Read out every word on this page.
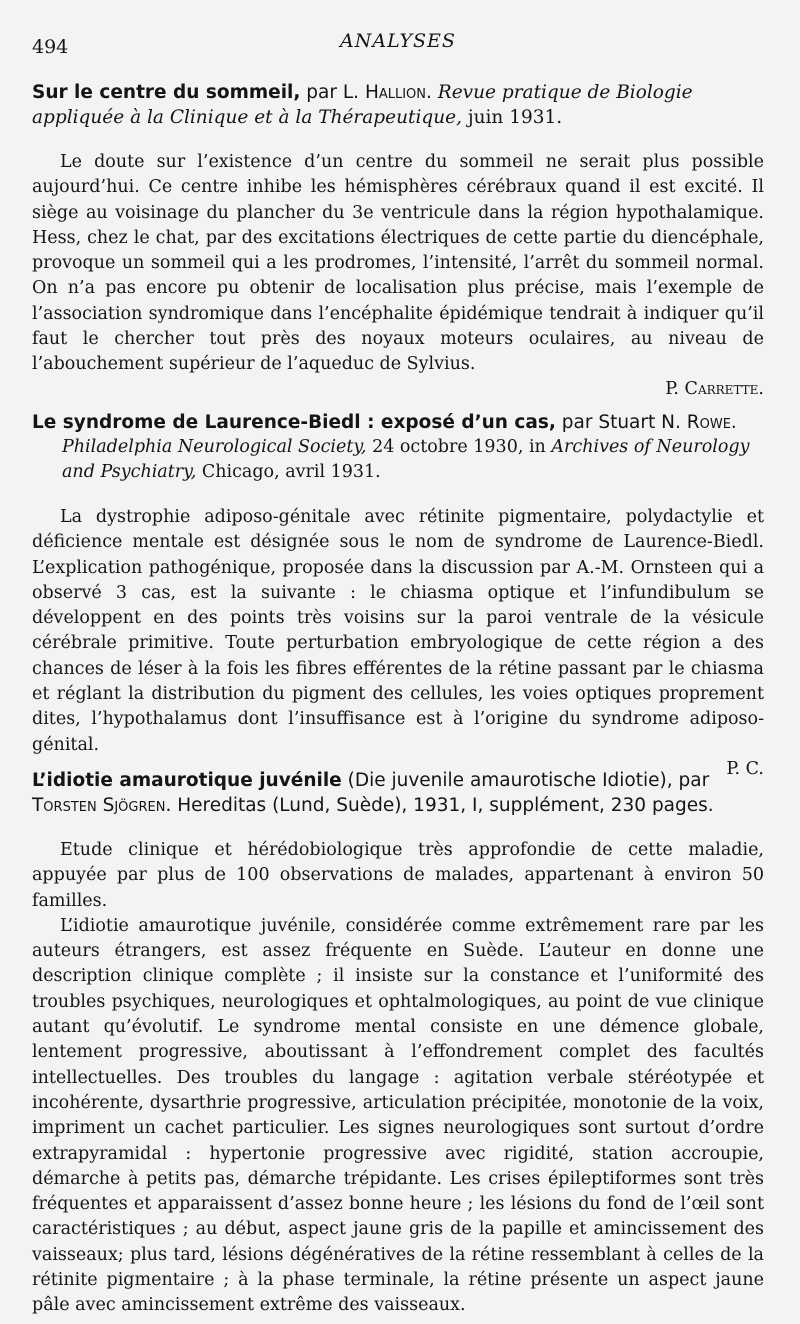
494	ANALYSES

Sur le centre du sommeil, par L. Hallion. Revue pratique de Biologie appliquée à la Clinique et à la Thérapeutique, juin 1931.

Le doute sur l’existence d’un centre du sommeil ne serait plus possible aujourd’hui. Ce centre inhibe les hémisphères cérébraux quand il est excité. Il siège au voisinage du plancher du 3e ventricule dans la région hypothalamique. Hess, chez le chat, par des excitations électriques de cette partie du diencéphale, provoque un sommeil qui a les prodromes, l’intensité, l’arrêt du sommeil normal. On n’a pas encore pu obtenir de localisation plus précise, mais l’exemple de l’association syndromique dans l’encéphalite épidémique tendrait à indiquer qu’il faut le chercher tout près des noyaux moteurs oculaires, au niveau de l’abouchement supérieur de l’aqueduc de Sylvius.

P. Carrette.

Le syndrome de Laurence-Biedl : exposé d’un cas, par Stuart N. Rowe.

Philadelphia Neurological Society, 24 octobre 1930, in Archives of Neurology and Psychiatry, Chicago, avril 1931.

La dystrophie adiposo-génitale avec rétinite pigmentaire, polydactylie et déficience mentale est désignée sous le nom de syndrome de Laurence-Biedl. L’explication pathogénique, proposée dans la discussion par A.-M. Ornsteen qui a observé 3 cas, est la suivante : le chiasma optique et l’infundibulum se développent en des points très voisins sur la paroi ventrale de la vésicule cérébrale primitive. Toute perturbation embryologique de cette région a des chances de léser à la fois les fibres efférentes de la rétine passant par le chiasma et réglant la distribution du pigment des cellules, les voies optiques proprement dites, l’hypothalamus dont l’insuffisance est à l’origine du syndrome adiposo-génital.

P. C.

L’idiotie amaurotique juvénile (Die juvenile amaurotische Idiotie), par Torsten Sjögren. Hereditas (Lund, Suède), 1931, I, supplément, 230 pages.

Etude clinique et hérédobiologique très approfondie de cette maladie, appuyée par plus de 100 observations de malades, appartenant à environ 50 familles.

L’idiotie amaurotique juvénile, considérée comme extrêmement rare par les auteurs étrangers, est assez fréquente en Suède. L’auteur en donne une description clinique complète ; il insiste sur la constance et l’uniformité des troubles psychiques, neurologiques et ophtalmologiques, au point de vue clinique autant qu’évolutif. Le syndrome mental consiste en une démence globale, lentement progressive, aboutissant à l’effondrement complet des facultés intellectuelles. Des troubles du langage : agitation verbale stéréotypée et incohérente, dysarthrie progressive, articulation précipitée, monotonie de la voix, impriment un cachet particulier. Les signes neurologiques sont surtout d’ordre extrapyramidal : hypertonie progressive avec rigidité, station accroupie, démarche à petits pas, démarche trépidante. Les crises épileptiformes sont très fréquentes et apparaissent d’assez bonne heure ; les lésions du fond de l’œil sont caractéristiques ; au début, aspect jaune gris de la papille et amincissement des vaisseaux; plus tard, lésions dégénératives de la rétine ressemblant à celles de la rétinite pigmentaire ; à la phase terminale, la rétine présente un aspect jaune pâle avec amincissement extrême des vaisseaux.
